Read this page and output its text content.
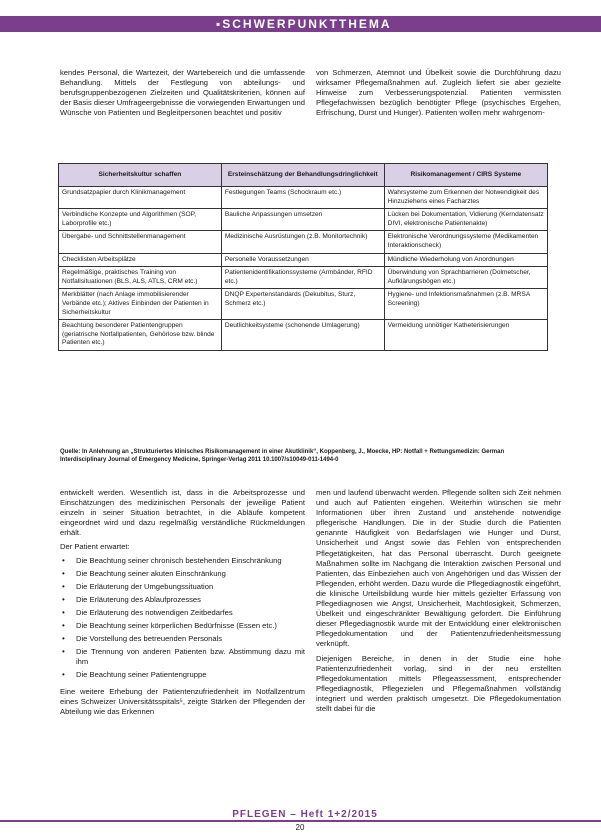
▪SCHWERPUNKTTHEMA

kendes Personal, die Wartezeit, der Wartebereich und die umfassende Behandlung. Mittels der Festlegung von abteilungs- und berufsgruppenbezogenen Zielzeiten und Qualitätskriterien, können auf der Basis dieser Umfrageergebnisse die vorwiegenden Erwartungen und Wünsche von Patienten und Begleitpersonen beachtet und positiv

von Schmerzen, Atemnot und Übelkeit sowie die Durchführung dazu wirksamer Pflegemaßnahmen auf. Zugleich liefert sie aber gezielte Hinweise zum Verbesserungspotenzial. Patienten vermissten Pflegefachwissen bezüglich benötigter Pflege (psychisches Ergehen, Erfrischung, Durst und Hunger). Patienten wollen mehr wahrgenom-

Sicherheitskultur schaffen	Ersteinschätzung der Behandlungsdringlichkeit	Risikomanagement / CIRS Systeme
Grundsatzpapier durch Klinikmanagement	Festlegungen Teams (Schockraum etc.)	Wahrsysteme zum Erkennen der Notwendigkeit des Hinzuziehens eines Facharztes
Verbindliche Konzepte und Algorithmen (SOP, Laborprofile etc.)	Bauliche Anpassungen umsetzen	Lücken bei Dokumentation, Vidierung (Kerndatensatz DIVI, elektronische Patientenakte)
Übergabe- und Schnittstellenmanagement	Medizinische Ausrüstungen (z.B. Monitortechnik)	Elektronische Verordnungssysteme (Medikamenten Interaktionscheck)
Checklisten Arbeitsplätze	Personelle Voraussetzungen	Mündliche Wiederholung von Anordnungen
Regelmäßige, praktisches Training von Notfallsituationen (BLS, ALS, ATLS, CRM etc.)	Patientenidentifikationssysteme (Armbänder, RFID etc.)	Überwindung von Sprachbarrieren (Dolmetscher, Aufklärungsbögen etc.)
Merkblätter (nach Anlage immobilisierender Verbände etc.); Aktives Einbinden der Patienten in Sicherheitskultur	DNQP Expertenstandards (Dekubitus, Sturz, Schmerz etc.)	Hygiene- und Infektionsmaßnahmen (z.B. MRSA Screening)
Beachtung besonderer Patientengruppen (geriatrische Notfallpatienten, Gehörlose bzw. blinde Patienten etc.)	Deutlichkeitsysteme (schonende Umlagerung)	Vermeidung unnötiger Katheterisierungen
Quelle: In Anlehnung an „Strukturiertes klinisches Risikomanagement in einer Akutklinik“, Koppenberg, J., Moecke, HP: Notfall + Rettungsmedizin: German Interdisciplinary Journal of Emergency Medicine, Springer-Verlag 2011 10.1007/s10049-011-1494-0

entwickelt werden. Wesentlich ist, dass in die Arbeitsprozesse und Einschätzungen des medizinischen Personals der jeweilige Patient einzeln in seiner Situation betrachtet, in die Abläufe kompetent eingeordnet wird und dazu regelmäßig verständliche Rückmeldungen erhält.

Der Patient erwartet:

• Die Beachtung seiner chronisch bestehenden Einschränkung
• Die Beachtung seiner akuten Einschränkung
• Die Erläuterung der Umgebungssituation
• Die Erläuterung des Ablaufprozesses
• Die Erläuterung des notwendigen Zeitbedarfes
• Die Beachtung seiner körperlichen Bedürfnisse (Essen etc.)
• Die Vorstellung des betreuenden Personals
• Die Trennung von anderen Patienten bzw. Abstimmung dazu mit ihm
• Die Beachtung seiner Patientengruppe

Eine weitere Erhebung der Patientenzufriedenheit im Notfallzentrum eines Schweizer Universitätsspitals⁵, zeigte Stärken der Pflegenden der Abteilung wie das Erkennen

men und laufend überwacht werden. Pflegende sollten sich Zeit nehmen und auch auf Patienten eingehen. Weiterhin wünschen sie mehr Informationen über ihren Zustand und anstehende notwendige pflegerische Handlungen. Die in der Studie durch die Patienten genannte Häufigkeit von Bedarfslagen wie Hunger und Durst, Unsicherheit und Angst sowie das Fehlen von entsprechenden Pflegetätigkeiten, hat das Personal überrascht. Durch geeignete Maßnahmen sollte im Nachgang die Interaktion zwischen Personal und Patienten, das Einbeziehen auch von Angehörigen und das Wissen der Pflegenden, erhöht werden. Dazu wurde die Pflegediagnostik eingeführt, die klinische Urteilsbildung wurde hier mittels gezielter Erfassung von Pflegediagnosen wie Angst, Unsicherheit, Machtlosigkeit, Schmerzen, Übelkeit und eingeschränkter Bewältigung gefordert. Die Einführung dieser Pflegediagnostik wurde mit der Entwicklung einer elektronischen Pflegedokumentation und der Patientenzufriedenheitsmessung verknüpft.

Diejenigen Bereiche, in denen in der Studie eine hohe Patientenzufriedenheit vorlag, sind in der neu erstellten Pflegedokumentation mittels Pflegeassessment, entsprechender Pflegediagnostik, Pflegezielen und Pflegemaßnahmen vollständig integriert und werden praktisch umgesetzt. Die Pflegedokumentation stellt dabei für die

PFLEGEN – Heft 1+2/2015
20
